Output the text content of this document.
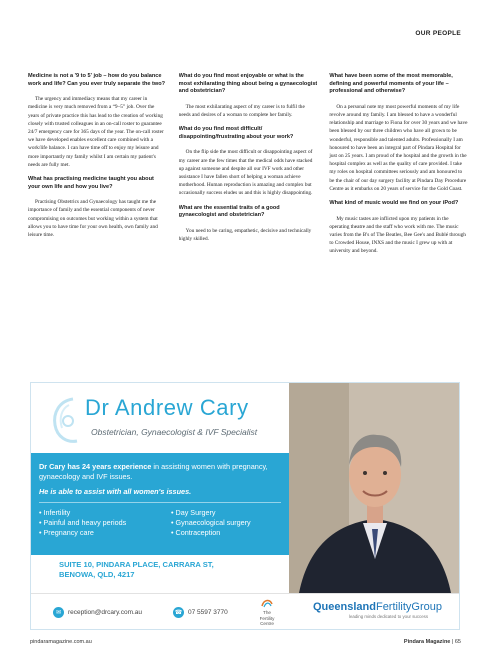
OUR PEOPLE
Medicine is not a '9 to 5' job – how do you balance work and life? Can you ever truly separate the two?
The urgency and immediacy means that my career in medicine is very much removed from a “9–5” job. Over the years of private practice this has lead to the creation of working closely with trusted colleagues in an on-call roster to guarantee 24/7 emergency care for 365 days of the year. The on-call roster we have developed enables excellent care combined with a work/life balance. I can have time off to enjoy my leisure and more importantly my family whilst I am certain my patient's needs are fully met.
What has practising medicine taught you about your own life and how you live?
Practising Obstetrics and Gynaecology has taught me the importance of family and the essential components of never compromising on outcomes but working within a system that allows you to have time for your own health, own family and leisure time.
What do you find most enjoyable or what is the most exhilarating thing about being a gynaecologist and obstetrician?
The most exhilarating aspect of my career is to fulfil the needs and desires of a woman to complete her family.
What do you find most difficult/ disappointing/frustrating about your work?
On the flip side the most difficult or disappointing aspect of my career are the few times that the medical odds have stacked up against someone and despite all our IVF work and other assistance I have fallen short of helping a woman achieve motherhood. Human reproduction is amazing and complex but occasionally success eludes us and this is highly disappointing.
What are the essential traits of a good gynaecologist and obstetrician?
You need to be caring, empathetic, decisive and technically highly skilled.
What have been some of the most memorable, defining and powerful moments of your life – professional and otherwise?
On a personal note my most powerful moments of my life revolve around my family. I am blessed to have a wonderful relationship and marriage to Fiona for over 30 years and we have been blessed by our three children who have all grown to be wonderful, responsible and talented adults. Professionally I am honoured to have been an integral part of Pindara Hospital for just on 25 years. I am proud of the hospital and the growth in the hospital complex as well as the quality of care provided. I take my roles on hospital committees seriously and am honoured to be the chair of our day surgery facility at Pindara Day Procedure Centre as it embarks on 20 years of service for the Gold Coast.
What kind of music would we find on your iPod?
My music tastes are inflicted upon my patients in the operating theatre and the staff who work with me. The music varies from the B's of The Beatles, Bee Gee's and Bublé through to Crowded House, INXS and the music I grew up with at university and beyond.
Dr Andrew Cary
Obstetrician, Gynaecologist & IVF Specialist
Dr Cary has 24 years experience in assisting women with pregnancy, gynaecology and IVF issues.
He is able to assist with all women's issues.
• Infertility
• Painful and heavy periods
• Pregnancy care
• Day Surgery
• Gynaecological surgery
• Contraception
SUITE 10, PINDARA PLACE, CARRARA ST,
BENOWA, QLD, 4217
✉	reception@drcary.com.au	☎ 07 5597 3770	The
Fertility
Centre
QueenslandFertilityGroup
leading minds dedicated to your success
pindaramagazine.com.au	Pindara Magazine | 65
